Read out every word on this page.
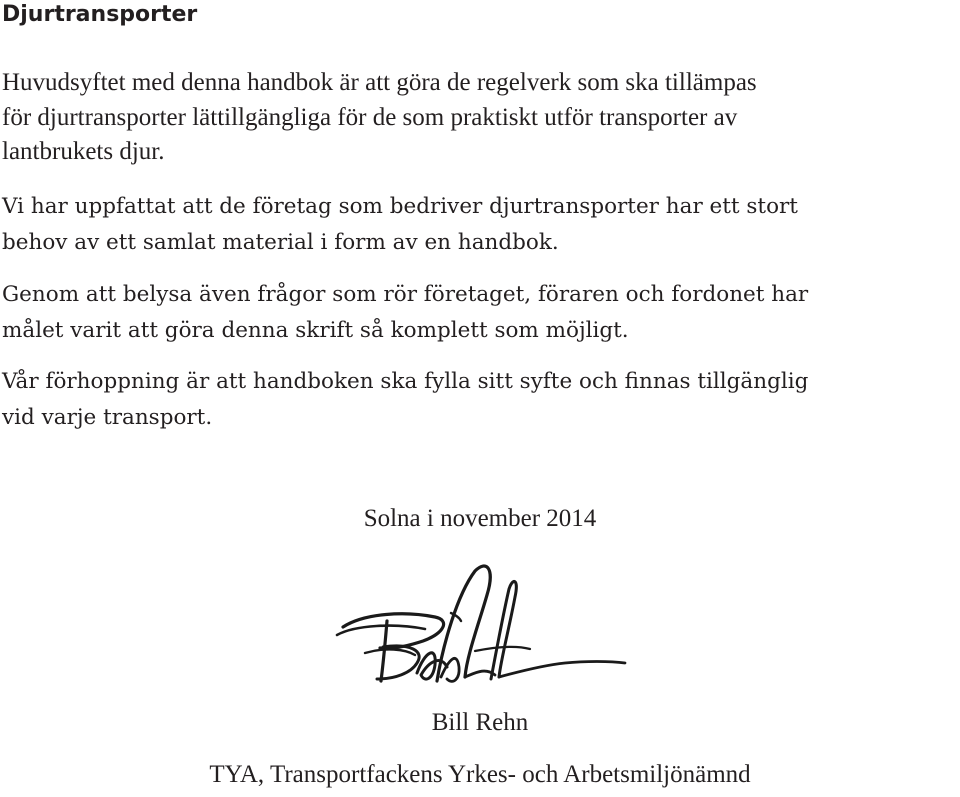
Djurtransporter

Huvudsyftet med denna handbok är att göra de regelverk som ska tillämpas
för djurtransporter lättillgängliga för de som praktiskt utför transporter av
lantbrukets djur.

Vi har uppfattat att de företag som bedriver djurtransporter har ett stort
behov av ett samlat material i form av en handbok.

Genom att belysa även frågor som rör företaget, föraren och fordonet har
målet varit att göra denna skrift så komplett som möjligt.

Vår förhoppning är att handboken ska fylla sitt syfte och finnas tillgänglig
vid varje transport.

Solna i november 2014

Bill Rehn

TYA, Transportfackens Yrkes- och Arbetsmiljönämnd
